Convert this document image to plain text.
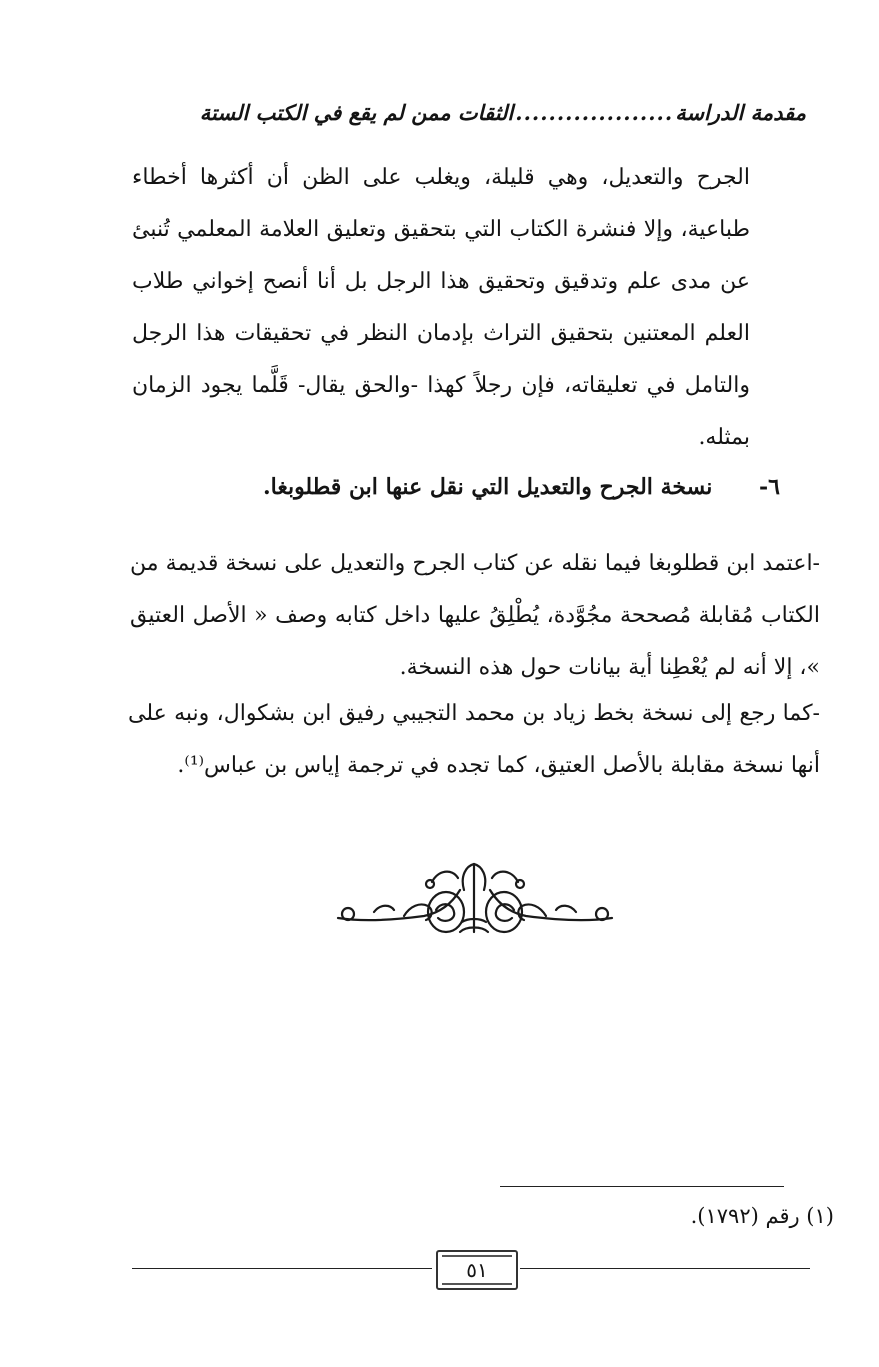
مقدمة الدراسة
...................
الثقات ممن لم يقع في الكتب الستة
الجرح والتعديل، وهي قليلة، ويغلب على الظن أن أكثرها أخطاء طباعية، وإلا فنشرة الكتاب التي بتحقيق وتعليق العلامة المعلمي تُنبئ عن مدى علم وتدقيق وتحقيق هذا الرجل بل أنا أنصح إخواني طلاب العلم المعتنين بتحقيق التراث بإدمان النظر في تحقيقات هذا الرجل والتامل في تعليقاته، فإن رجلاً كهذا -والحق يقال- قَلَّما يجود الزمان بمثله.
٦- نسخة الجرح والتعديل التي نقل عنها ابن قطلوبغا.
-اعتمد ابن قطلوبغا فيما نقله عن كتاب الجرح والتعديل على نسخة قديمة من الكتاب مُقابلة مُصححة مجُوَّدة، يُطْلِقُ عليها داخل كتابه وصف « الأصل العتيق »، إلا أنه لم يُعْطِنا أية بيانات حول هذه النسخة.
-كما رجع إلى نسخة بخط زياد بن محمد التجيبي رفيق ابن بشكوال، ونبه على أنها نسخة مقابلة بالأصل العتيق، كما تجده في ترجمة إياس بن عباس⁽¹⁾.
(١) رقم (١٧٩٢).
٥١
